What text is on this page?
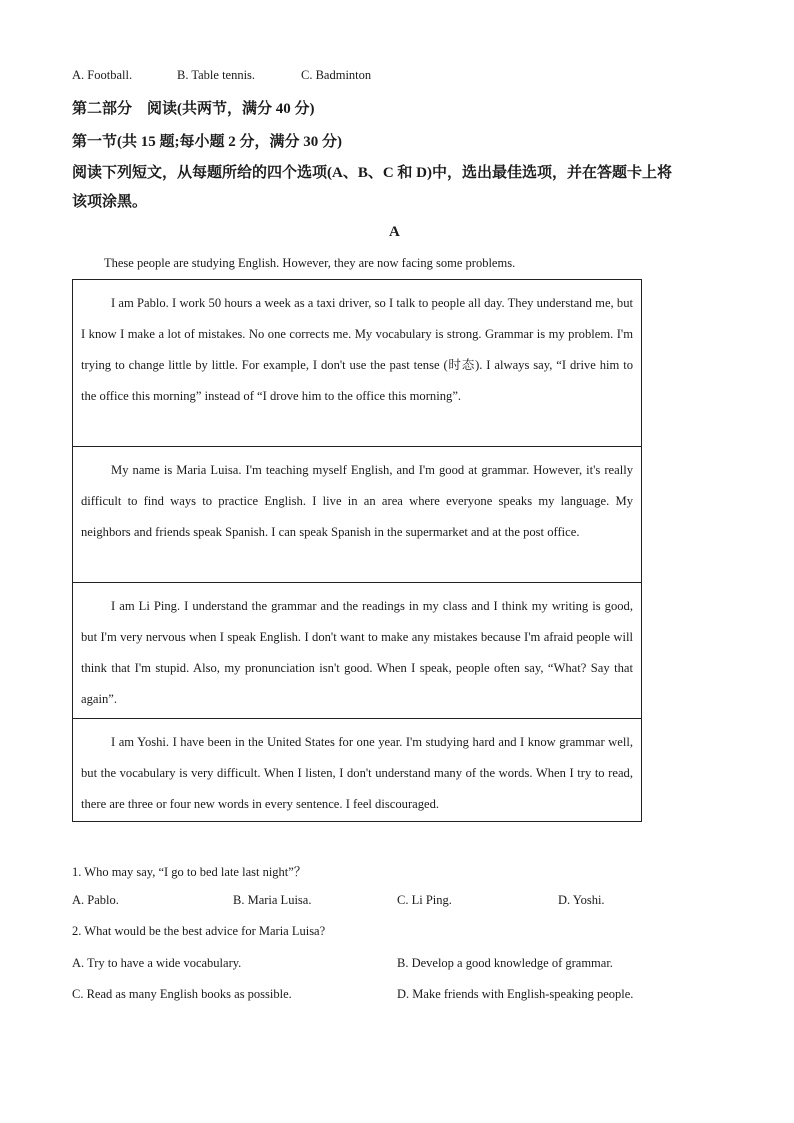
A. Football.	B. Table tennis.	C. Badminton
第二部分　阅读(共两节，满分 40 分)
第一节(共 15 题;每小题 2 分，满分 30 分)
阅读下列短文，从每题所给的四个选项(A、B、C 和 D)中，选出最佳选项，并在答题卡上将
该项涂黑。
A
These people are studying English. However, they are now facing some problems.

I am Pablo. I work 50 hours a week as a taxi driver, so I talk to people all day. They understand me, but I know I make a lot of mistakes. No one corrects me. My vocabulary is strong. Grammar is my problem. I'm trying to change little by little. For example, I don't use the past tense (时态). I always say, “I drive him to the office this morning” instead of “I drove him to the office this morning”.

My name is Maria Luisa. I'm teaching myself English, and I'm good at grammar. However, it's really difficult to find ways to practice English. I live in an area where everyone speaks my language. My neighbors and friends speak Spanish. I can speak Spanish in the supermarket and at the post office.

I am Li Ping. I understand the grammar and the readings in my class and I think my writing is good, but I'm very nervous when I speak English. I don't want to make any mistakes because I'm afraid people will think that I'm stupid. Also, my pronunciation isn't good. When I speak, people often say, “What? Say that again”.

I am Yoshi. I have been in the United States for one year. I'm studying hard and I know grammar well, but the vocabulary is very difficult. When I listen, I don't understand many of the words. When I try to read, there are three or four new words in every sentence. I feel discouraged.

1. Who may say, “I go to bed late last night”？
A. Pablo.	B. Maria Luisa.	C. Li Ping.	D. Yoshi.
2. What would be the best advice for Maria Luisa?
A. Try to have a wide vocabulary.	B. Develop a good knowledge of grammar.
C. Read as many English books as possible.	D. Make friends with English-speaking people.
